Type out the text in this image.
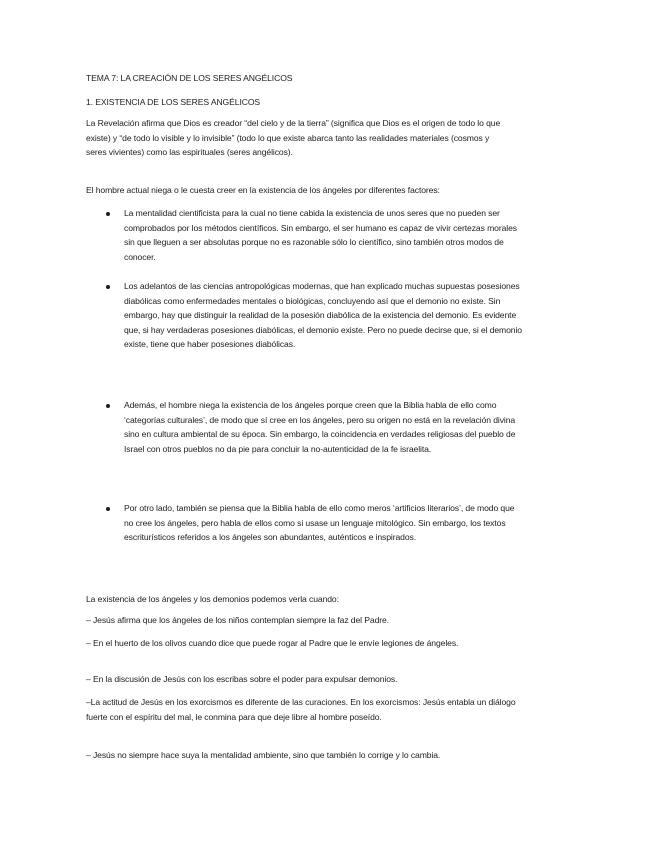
TEMA 7: LA CREACIÓN DE LOS SERES ANGÉLICOS

1. EXISTENCIA DE LOS SERES ANGÉLICOS

La Revelación afirma que Dios es creador “del cielo y de la tierra” (significa que Dios es el origen de todo lo que existe) y “de todo lo visible y lo invisible” (todo lo que existe abarca tanto las realidades materiales (cosmos y seres vivientes) como las espirituales (seres angélicos).

El hombre actual niega o le cuesta creer en la existencia de los ángeles por diferentes factores:

La mentalidad cientificista para la cual no tiene cabida la existencia de unos seres que no pueden ser comprobados por los métodos científicos. Sin embargo, el ser humano es capaz de vivir certezas morales sin que lleguen a ser absolutas porque no es razonable sólo lo científico, sino también otros modos de conocer.

Los adelantos de las ciencias antropológicas modernas, que han explicado muchas supuestas posesiones diabólicas como enfermedades mentales o biológicas, concluyendo así que el demonio no existe. Sin embargo, hay que distinguir la realidad de la posesión diabólica de la existencia del demonio. Es evidente que, si hay verdaderas posesiones diabólicas, el demonio existe. Pero no puede decirse que, si el demonio existe, tiene que haber posesiones diabólicas.

Además, el hombre niega la existencia de los ángeles porque creen que la Biblia habla de ello como ‘categorías culturales’, de modo que sí cree en los ángeles, pero su origen no está en la revelación divina sino en cultura ambiental de su época. Sin embargo, la coincidencia en verdades religiosas del pueblo de Israel con otros pueblos no da pie para concluir la no-autenticidad de la fe israelita.

Por otro lado, también se piensa que la Biblia habla de ello como meros ‘artificios literarios’, de modo que no cree los ángeles, pero habla de ellos como si usase un lenguaje mitológico. Sin embargo, los textos escriturísticos referidos a los ángeles son abundantes, auténticos e inspirados.

La existencia de los ángeles y los demonios podemos verla cuando:

– Jesús afirma que los ángeles de los niños contemplan siempre la faz del Padre.

– En el huerto de los olivos cuando dice que puede rogar al Padre que le envíe legiones de ángeles.

– En la discusión de Jesús con los escribas sobre el poder para expulsar demonios.

–La actitud de Jesús en los exorcismos es diferente de las curaciones. En los exorcismos: Jesús entabla un diálogo fuerte con el espíritu del mal, le conmina para que deje libre al hombre poseído.

– Jesús no siempre hace suya la mentalidad ambiente, sino que también lo corrige y lo cambia.
